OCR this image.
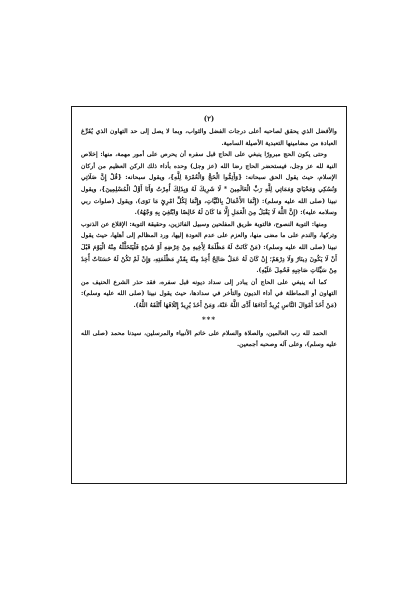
(٢)

والأفضل الذي يحقق لصاحبه أعلى درجات الفضل والثواب، وبما لا يصل إلى حد التهاون الذي يُفَرِّغ العبادة من مضامينها التعبدية الأصيلة السامية.

وحتى يكون الحج مبرورًا ينبغي على الحاج قبل سفره أن يحرص على أمور مهمة، منها: إخلاص النية لله عز وجل، فيستحضر الحاج رضا الله (عز وجل) وحده بأداء ذلك الركن العظيم من أركان الإسلام، حيث يقول الحق سبحانه: {وَأَتِمُّوا الْحَجَّ وَالْعُمْرَةَ لِلَّهِ}، ويقول سبحانه: {قُلْ إِنَّ صَلَاتِي وَنُسُكِي وَمَحْيَايَ وَمَمَاتِي لِلَّهِ رَبِّ الْعَالَمِينَ * لَا شَرِيكَ لَهُ وَبِذَلِكَ أُمِرْتُ وَأَنَا أَوَّلُ الْمُسْلِمِينَ}، ويقول نبينا (صلى الله عليه وسلم): (إِنَّمَا الأَعْمَالُ بِالنِّيَّاتِ، وَإِنَّمَا لِكُلِّ امْرِئٍ مَا نَوَى)، ويقول (صلوات ربي وسلامه عليه): (إِنَّ اللَّهَ لَا يَقْبَلُ مِنَ الْعَمَلِ إِلَّا مَا كَانَ لَهُ خَالِصًا وَابْتُغِيَ بِهِ وَجْهُهُ).

ومنها: التوبة النصوح، فالتوبة طريق المفلحين وسبيل الفائزين، وحقيقة التوبة: الإقلاع عن الذنوب وتركها، والندم على ما مضى منها، والعزم على عدم العودة إليها، ورد المظالم إلى أهلها، حيث يقول نبينا (صلى الله عليه وسلم): (مَنْ كَانَتْ لَهُ مَظْلَمَةٌ لِأَخِيهِ مِنْ عِرْضِهِ أَوْ شَيْءٍ فَلْيَتَحَلَّلْهُ مِنْهُ الْيَوْمَ قَبْلَ أَنْ لَا يَكُونَ دِينَارٌ وَلَا دِرْهَمٌ؛ إِنْ كَانَ لَهُ عَمَلٌ صَالِحٌ أُخِذَ مِنْهُ بِقَدْرِ مَظْلَمَتِهِ، وَإِنْ لَمْ تَكُنْ لَهُ حَسَنَاتٌ أُخِذَ مِنْ سَيِّئَاتِ صَاحِبِهِ فَحُمِلَ عَلَيْهِ).

كما أنه ينبغي على الحاج أن يبادر إلى سداد ديونه قبل سفره، فقد حذر الشرع الحنيف من التهاون أو المماطلة في أداء الديون والتأخر في سدادها، حيث يقول نبينا (صلى الله عليه وسلم): (مَنْ أَخَذَ أَمْوَالَ النَّاسِ يُرِيدُ أَدَاءَهَا أَدَّى اللَّهُ عَنْهُ، وَمَنْ أَخَذَ يُرِيدُ إِتْلَافَهَا أَتْلَفَهُ اللَّهُ).

***

الحمد لله رب العالمين، والصلاة والسلام على خاتم الأنبياء والمرسلين، سيدنا محمد (صلى الله عليه وسلم)، وعلى آله وصحبه أجمعين.
